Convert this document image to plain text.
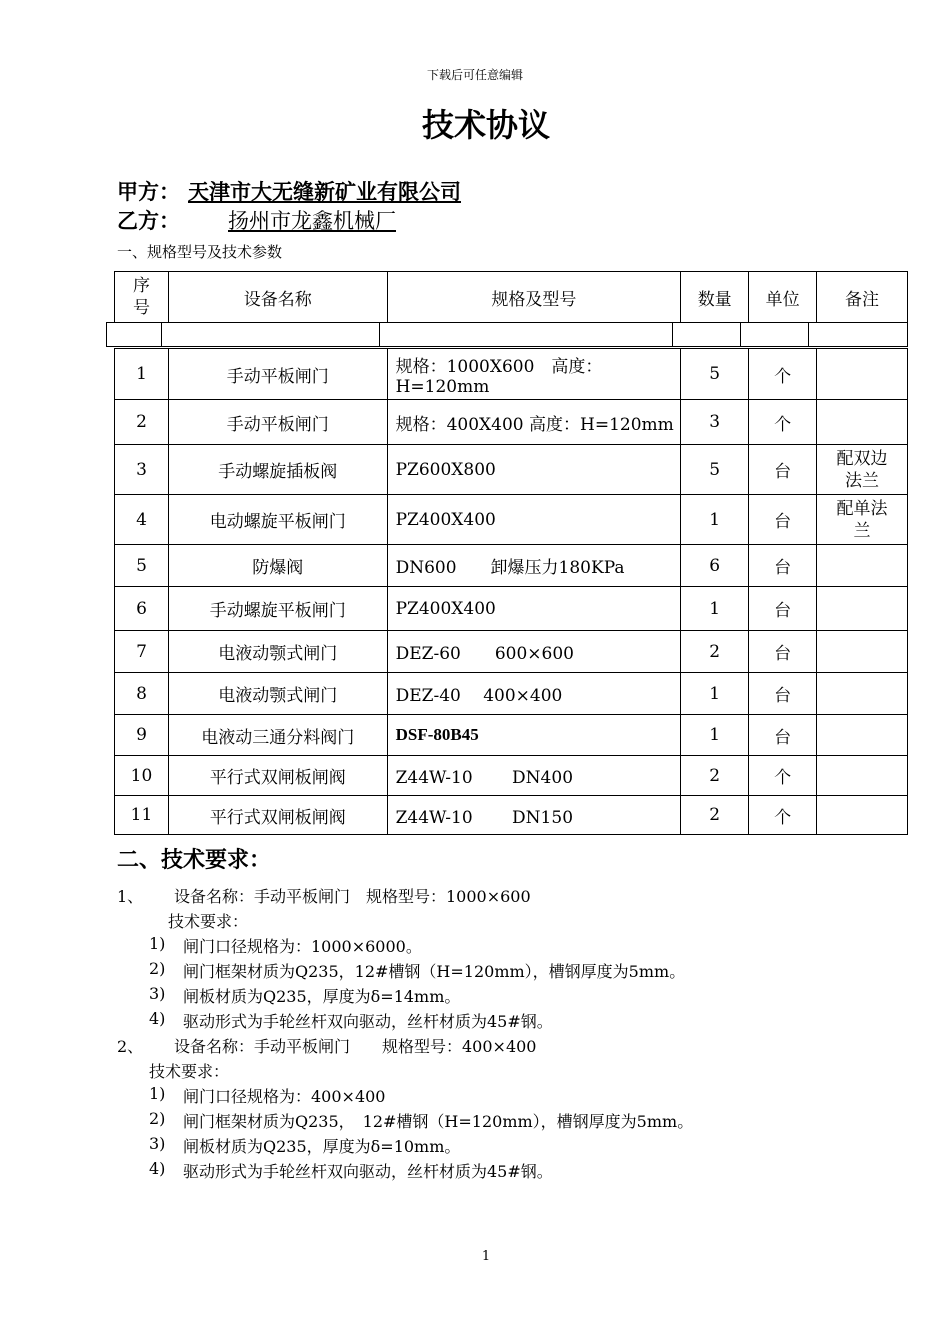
下载后可任意编辑
技术协议
甲方： 天津市大无缝新矿业有限公司
乙方： 扬州市龙鑫机械厂
一、规格型号及技术参数
序号	设备名称	规格及型号	数量	单位	备注

1	手动平板闸门	规格：1000X600　高度：H=120mm	5	个	
2	手动平板闸门	规格：400X400 高度：H=120mm	3	个	
3	手动螺旋插板阀	PZ600X800	5	台	配双边法兰
4	电动螺旋平板闸门	PZ400X400	1	台	配单法兰
5	防爆阀	DN600　　卸爆压力180KPa	6	台	
6	手动螺旋平板闸门	PZ400X400	1	台	
7	电液动颚式闸门	DEZ-60　　600×600	2	台	
8	电液动颚式闸门	DEZ-40　 400×400	1	台	
9	电液动三通分料阀门	DSF-80B45	1	台	
10	平行式双闸板闸阀	Z44W-10　　 DN400	2	个	
11	平行式双闸板闸阀	Z44W-10　　 DN150	2	个	

二、技术要求：
1、 设备名称：手动平板闸门　规格型号：1000×600
技术要求：
1) 闸门口径规格为：1000×6000。
2) 闸门框架材质为Q235，12#槽钢（H=120mm），槽钢厚度为5mm。
3) 闸板材质为Q235，厚度为δ=14mm。
4) 驱动形式为手轮丝杆双向驱动，丝杆材质为45#钢。
2、 设备名称：手动平板闸门　　规格型号：400×400
技术要求：
1) 闸门口径规格为：400×400
2) 闸门框架材质为Q235，　12#槽钢（H=120mm），槽钢厚度为5mm。
3) 闸板材质为Q235，厚度为δ=10mm。
4) 驱动形式为手轮丝杆双向驱动，丝杆材质为45#钢。
1
